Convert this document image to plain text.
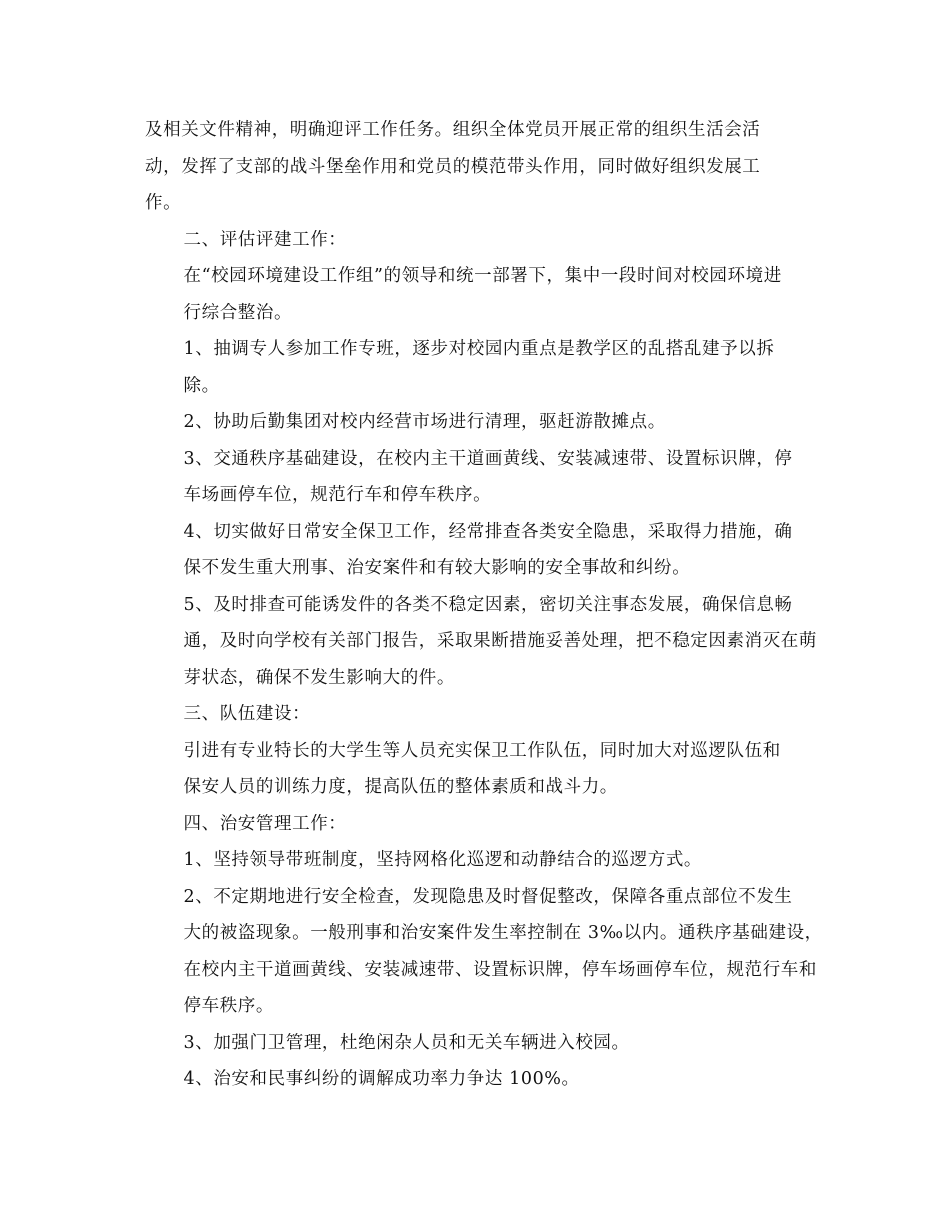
及相关文件精神，明确迎评工作任务。组织全体党员开展正常的组织生活会活
动，发挥了支部的战斗堡垒作用和党员的模范带头作用，同时做好组织发展工
作。

二、评估评建工作：

在“校园环境建设工作组”的领导和统一部署下，集中一段时间对校园环境进
行综合整治。

1、抽调专人参加工作专班，逐步对校园内重点是教学区的乱搭乱建予以拆
除。

2、协助后勤集团对校内经营市场进行清理，驱赶游散摊点。

3、交通秩序基础建设，在校内主干道画黄线、安装减速带、设置标识牌，停
车场画停车位，规范行车和停车秩序。

4、切实做好日常安全保卫工作，经常排查各类安全隐患，采取得力措施，确
保不发生重大刑事、治安案件和有较大影响的安全事故和纠纷。

5、及时排查可能诱发件的各类不稳定因素，密切关注事态发展，确保信息畅
通，及时向学校有关部门报告，采取果断措施妥善处理，把不稳定因素消灭在萌
芽状态，确保不发生影响大的件。

三、队伍建设：

引进有专业特长的大学生等人员充实保卫工作队伍，同时加大对巡逻队伍和
保安人员的训练力度，提高队伍的整体素质和战斗力。

四、治安管理工作：

1、坚持领导带班制度，坚持网格化巡逻和动静结合的巡逻方式。

2、不定期地进行安全检查，发现隐患及时督促整改，保障各重点部位不发生
大的被盗现象。一般刑事和治安案件发生率控制在 3‰以内。通秩序基础建设，
在校内主干道画黄线、安装减速带、设置标识牌，停车场画停车位，规范行车和
停车秩序。

3、加强门卫管理，杜绝闲杂人员和无关车辆进入校园。

4、治安和民事纠纷的调解成功率力争达 100%。
